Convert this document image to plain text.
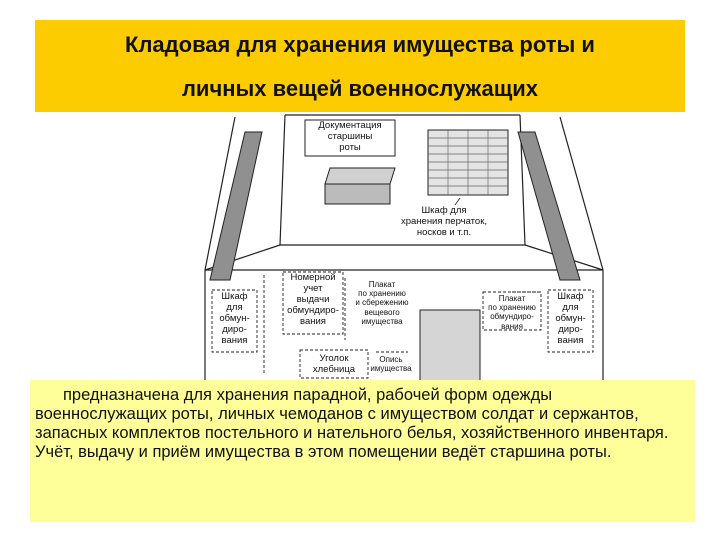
Кладовая для хранения имущества роты и
личных вещей военнослужащих
Документация
старшины
роты
Шкаф для
хранения перчаток,
носков и т.п.
Шкаф
для
обмун-
диро-
вания
Шкаф
для
обмун-
диро-
вания
Номерной
учет
выдачи
обмундиро-
вания
Плакат
по хранению
и сбережению
вещевого
имущества
Плакат
по хранению
обмундиро-
вания
Уголок
хлебница
Опись
имущества
предназначена для хранения парадной, рабочей форм одежды военнослужащих роты, личных чемоданов с имуществом солдат и сержантов, запасных комплектов постельного и нательного белья, хозяйственного инвентаря. Учёт, выдачу и приём имущества в этом помещении ведёт старшина роты.
